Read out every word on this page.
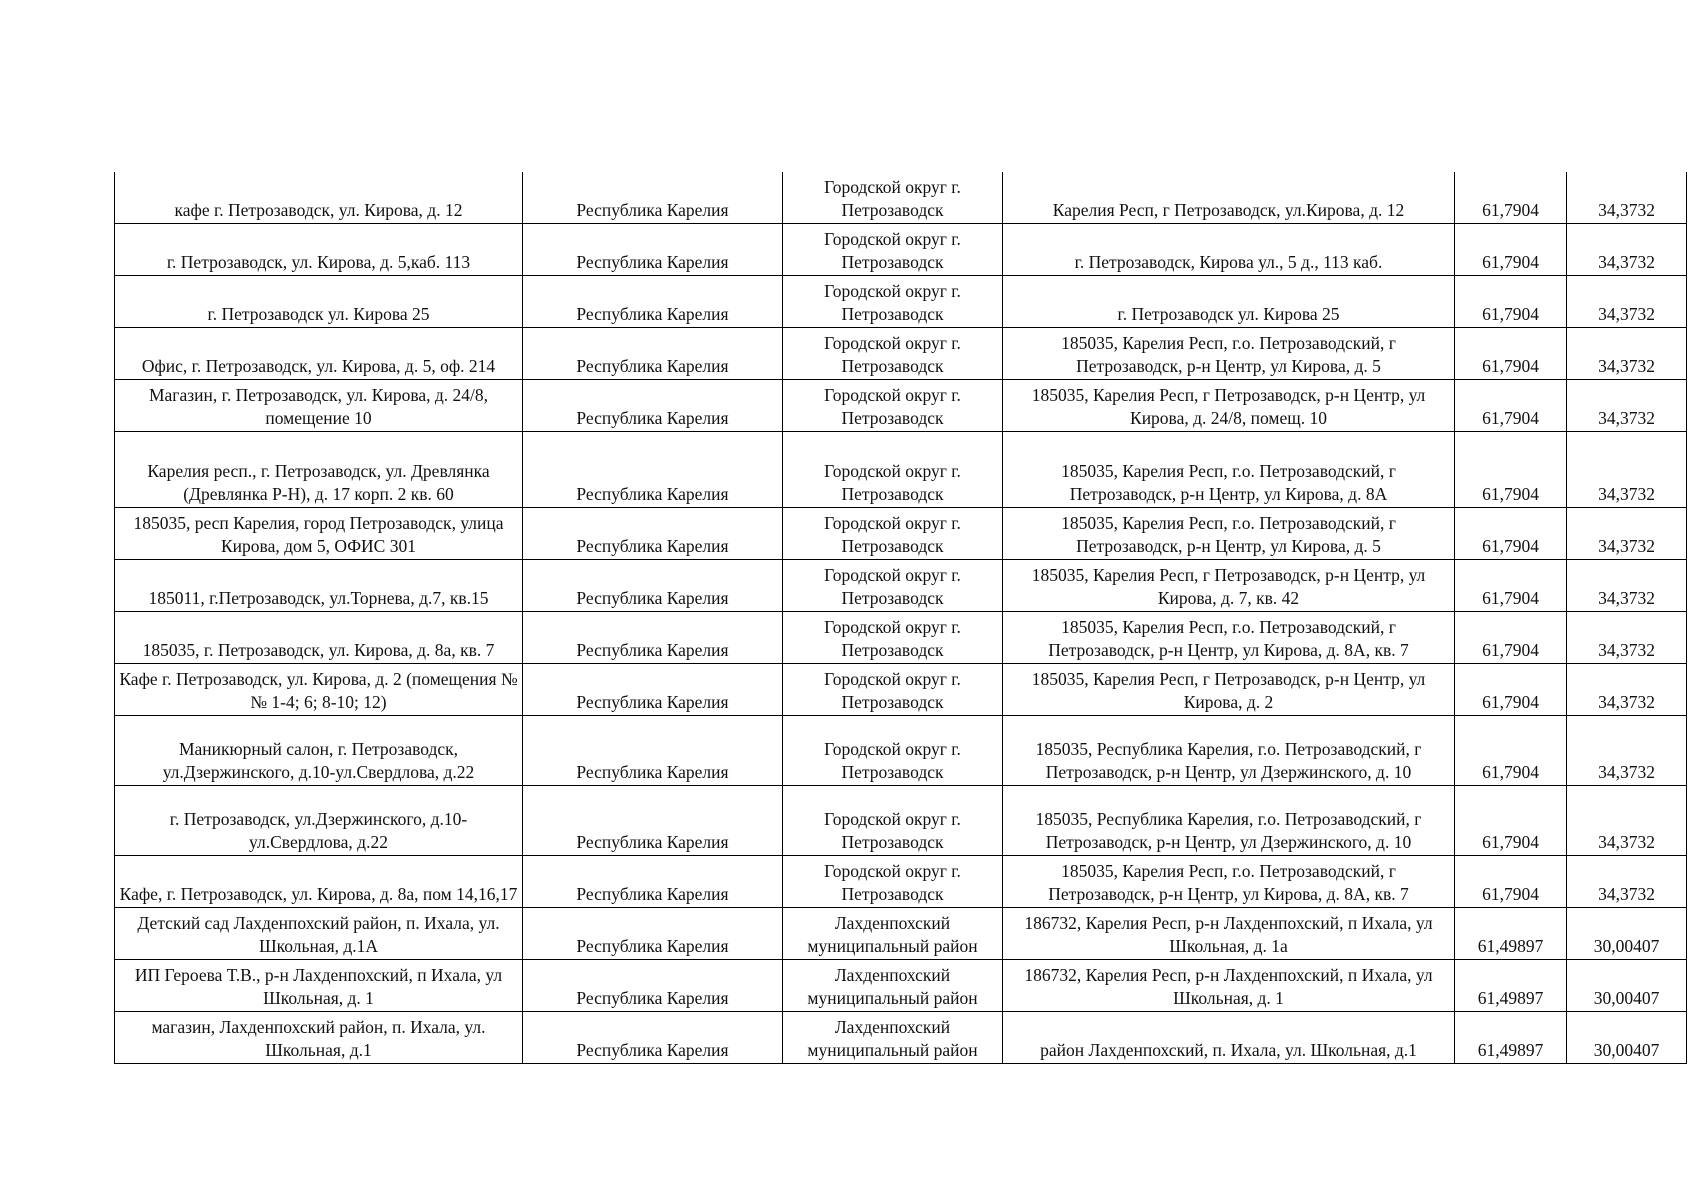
кафе г. Петрозаводск, ул. Кирова, д. 12	Республика Карелия	Городской округ г. Петрозаводск	Карелия Респ, г Петрозаводск, ул.Кирова, д. 12	61,7904	34,3732
г. Петрозаводск, ул. Кирова, д. 5,каб. 113	Республика Карелия	Городской округ г. Петрозаводск	г. Петрозаводск, Кирова ул., 5 д., 113 каб.	61,7904	34,3732
г. Петрозаводск ул. Кирова 25	Республика Карелия	Городской округ г. Петрозаводск	г. Петрозаводск ул. Кирова 25	61,7904	34,3732
Офис, г. Петрозаводск, ул. Кирова, д. 5, оф. 214	Республика Карелия	Городской округ г. Петрозаводск	185035, Карелия Респ, г.о. Петрозаводский, г Петрозаводск, р-н Центр, ул Кирова, д. 5	61,7904	34,3732
Магазин, г. Петрозаводск, ул. Кирова, д. 24/8, помещение 10	Республика Карелия	Городской округ г. Петрозаводск	185035, Карелия Респ, г Петрозаводск, р-н Центр, ул Кирова, д. 24/8, помещ. 10	61,7904	34,3732
Карелия респ., г. Петрозаводск, ул. Древлянка (Древлянка Р-Н), д. 17 корп. 2 кв. 60	Республика Карелия	Городской округ г. Петрозаводск	185035, Карелия Респ, г.о. Петрозаводский, г Петрозаводск, р-н Центр, ул Кирова, д. 8А	61,7904	34,3732
185035, респ Карелия, город Петрозаводск, улица Кирова, дом 5, ОФИС 301	Республика Карелия	Городской округ г. Петрозаводск	185035, Карелия Респ, г.о. Петрозаводский, г Петрозаводск, р-н Центр, ул Кирова, д. 5	61,7904	34,3732
185011, г.Петрозаводск, ул.Торнева, д.7, кв.15	Республика Карелия	Городской округ г. Петрозаводск	185035, Карелия Респ, г Петрозаводск, р-н Центр, ул Кирова, д. 7, кв. 42	61,7904	34,3732
185035, г. Петрозаводск, ул. Кирова, д. 8а, кв. 7	Республика Карелия	Городской округ г. Петрозаводск	185035, Карелия Респ, г.о. Петрозаводский, г Петрозаводск, р-н Центр, ул Кирова, д. 8А, кв. 7	61,7904	34,3732
Кафе г. Петрозаводск, ул. Кирова, д. 2 (помещения №№ 1-4; 6; 8-10; 12)	Республика Карелия	Городской округ г. Петрозаводск	185035, Карелия Респ, г Петрозаводск, р-н Центр, ул Кирова, д. 2	61,7904	34,3732
Маникюрный салон, г. Петрозаводск, ул.Дзержинского, д.10-ул.Свердлова, д.22	Республика Карелия	Городской округ г. Петрозаводск	185035, Республика Карелия, г.о. Петрозаводский, г Петрозаводск, р-н Центр, ул Дзержинского, д. 10	61,7904	34,3732
г. Петрозаводск, ул.Дзержинского, д.10-ул.Свердлова, д.22	Республика Карелия	Городской округ г. Петрозаводск	185035, Республика Карелия, г.о. Петрозаводский, г Петрозаводск, р-н Центр, ул Дзержинского, д. 10	61,7904	34,3732
Кафе, г. Петрозаводск, ул. Кирова, д. 8а, пом 14,16,17	Республика Карелия	Городской округ г. Петрозаводск	185035, Карелия Респ, г.о. Петрозаводский, г Петрозаводск, р-н Центр, ул Кирова, д. 8А, кв. 7	61,7904	34,3732
Детский сад Лахденпохский район, п. Ихала, ул. Школьная, д.1А	Республика Карелия	Лахденпохский муниципальный район	186732, Карелия Респ, р-н Лахденпохский, п Ихала, ул Школьная, д. 1а	61,49897	30,00407
ИП Героева Т.В., р-н Лахденпохский, п Ихала, ул Школьная, д. 1	Республика Карелия	Лахденпохский муниципальный район	186732, Карелия Респ, р-н Лахденпохский, п Ихала, ул Школьная, д. 1	61,49897	30,00407
магазин, Лахденпохский район, п. Ихала, ул. Школьная, д.1	Республика Карелия	Лахденпохский муниципальный район	район Лахденпохский, п. Ихала, ул. Школьная, д.1	61,49897	30,00407
